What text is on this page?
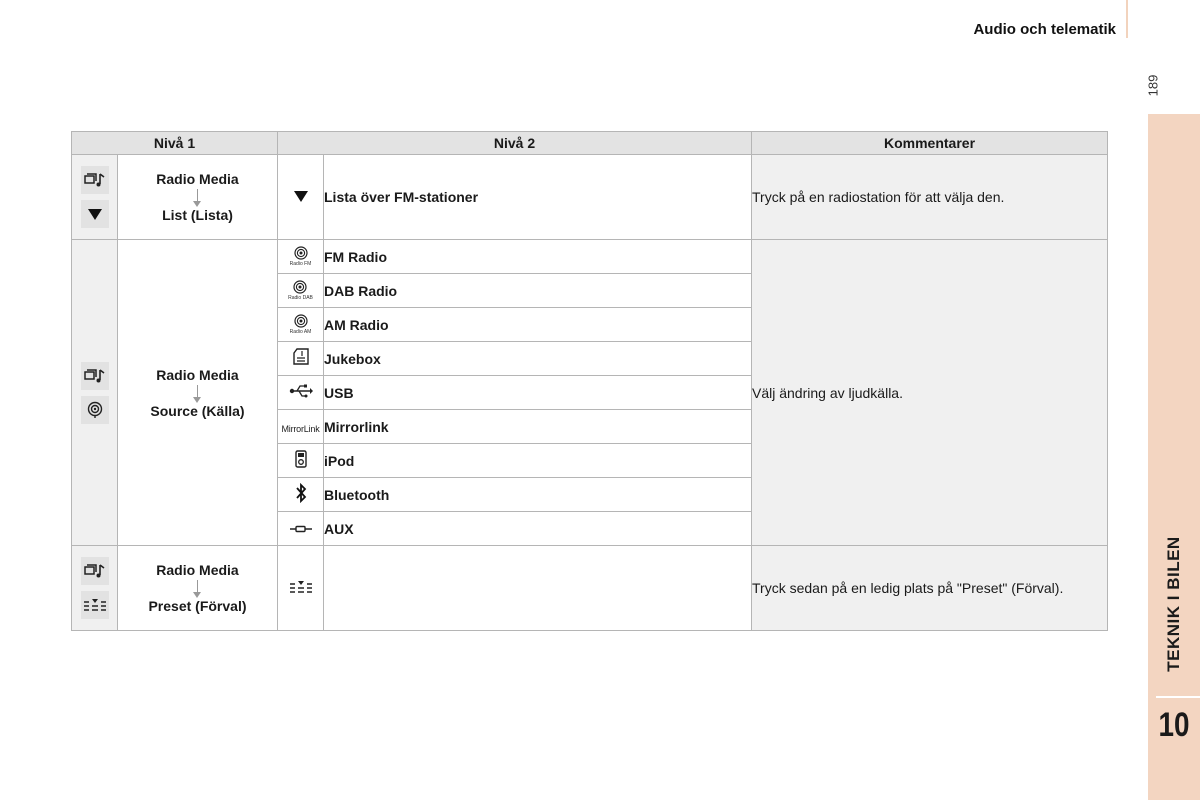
Audio och telematik
189
TEKNIK I BILEN
10
Nivå 1		Nivå 2		Kommentarer

Radio Media
List (Lista)		Lista över FM-stationer	Tryck på en radiostation för att välja den.

Radio Media
Source (Källa)	Radio FM	FM Radio	Välj ändring av ljudkälla.

		Radio DAB	DAB Radio	

		Radio AM	AM Radio	
	Jukebox	
	USB	
		MirrorLink	Mirrorlink	
	iPod	
	Bluetooth	
	AUX	

Radio Media
Preset (Förval)			Tryck sedan på en ledig plats på "Preset" (Förval).
